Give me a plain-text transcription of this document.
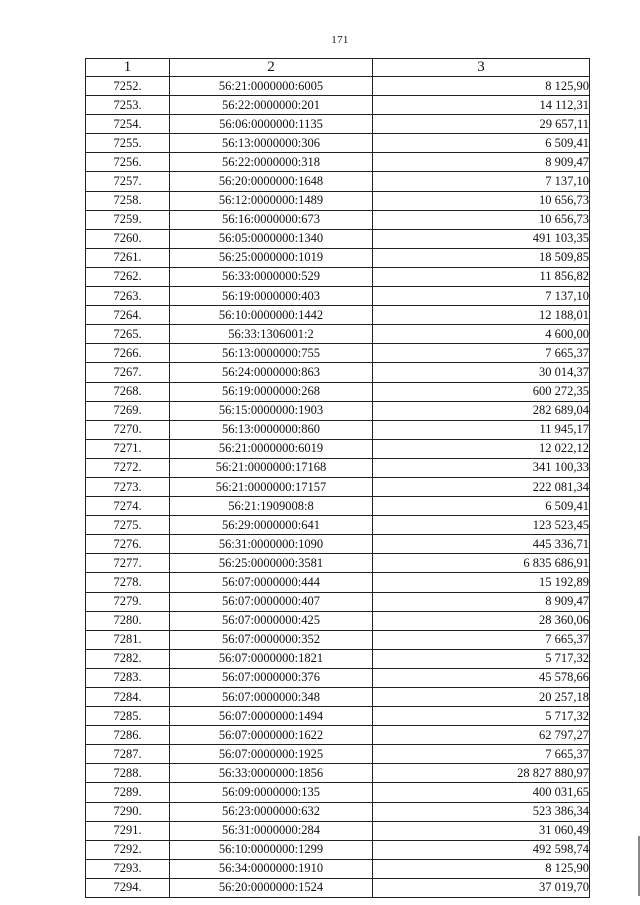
171
1	2	3
7252.	56:21:0000000:6005	8 125,90
7253.	56:22:0000000:201	14 112,31
7254.	56:06:0000000:1135	29 657,11
7255.	56:13:0000000:306	6 509,41
7256.	56:22:0000000:318	8 909,47
7257.	56:20:0000000:1648	7 137,10
7258.	56:12:0000000:1489	10 656,73
7259.	56:16:0000000:673	10 656,73
7260.	56:05:0000000:1340	491 103,35
7261.	56:25:0000000:1019	18 509,85
7262.	56:33:0000000:529	11 856,82
7263.	56:19:0000000:403	7 137,10
7264.	56:10:0000000:1442	12 188,01
7265.	56:33:1306001:2	4 600,00
7266.	56:13:0000000:755	7 665,37
7267.	56:24:0000000:863	30 014,37
7268.	56:19:0000000:268	600 272,35
7269.	56:15:0000000:1903	282 689,04
7270.	56:13:0000000:860	11 945,17
7271.	56:21:0000000:6019	12 022,12
7272.	56:21:0000000:17168	341 100,33
7273.	56:21:0000000:17157	222 081,34
7274.	56:21:1909008:8	6 509,41
7275.	56:29:0000000:641	123 523,45
7276.	56:31:0000000:1090	445 336,71
7277.	56:25:0000000:3581	6 835 686,91
7278.	56:07:0000000:444	15 192,89
7279.	56:07:0000000:407	8 909,47
7280.	56:07:0000000:425	28 360,06
7281.	56:07:0000000:352	7 665,37
7282.	56:07:0000000:1821	5 717,32
7283.	56:07:0000000:376	45 578,66
7284.	56:07:0000000:348	20 257,18
7285.	56:07:0000000:1494	5 717,32
7286.	56:07:0000000:1622	62 797,27
7287.	56:07:0000000:1925	7 665,37
7288.	56:33:0000000:1856	28 827 880,97
7289.	56:09:0000000:135	400 031,65
7290.	56:23:0000000:632	523 386,34
7291.	56:31:0000000:284	31 060,49
7292.	56:10:0000000:1299	492 598,74
7293.	56:34:0000000:1910	8 125,90
7294.	56:20:0000000:1524	37 019,70
